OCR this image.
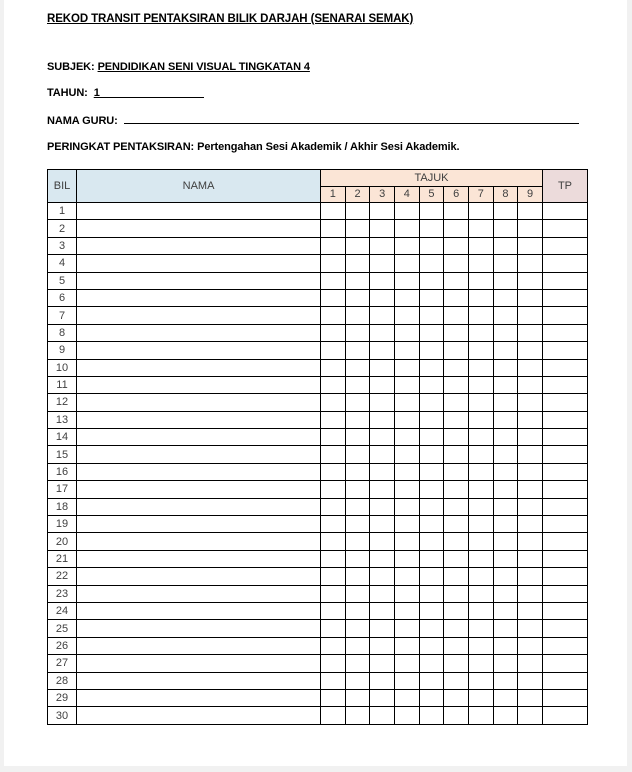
REKOD TRANSIT PENTAKSIRAN BILIK DARJAH (SENARAI SEMAK)
SUBJEK: PENDIDIKAN SENI VISUAL TINGKATAN 4
TAHUN: 1
NAMA GURU:
PERINGKAT PENTAKSIRAN: Pertengahan Sesi Akademik / Akhir Sesi Akademik.
BIL	NAMA	TAJUK									TP
		1	2	3	4	5	6	7	8	9	
1											
2											
3											
4											
5											
6											
7											
8											
9											
10											
11											
12											
13											
14											
15											
16											
17											
18											
19											
20											
21											
22											
23											
24											
25											
26											
27											
28											
29											
30											
